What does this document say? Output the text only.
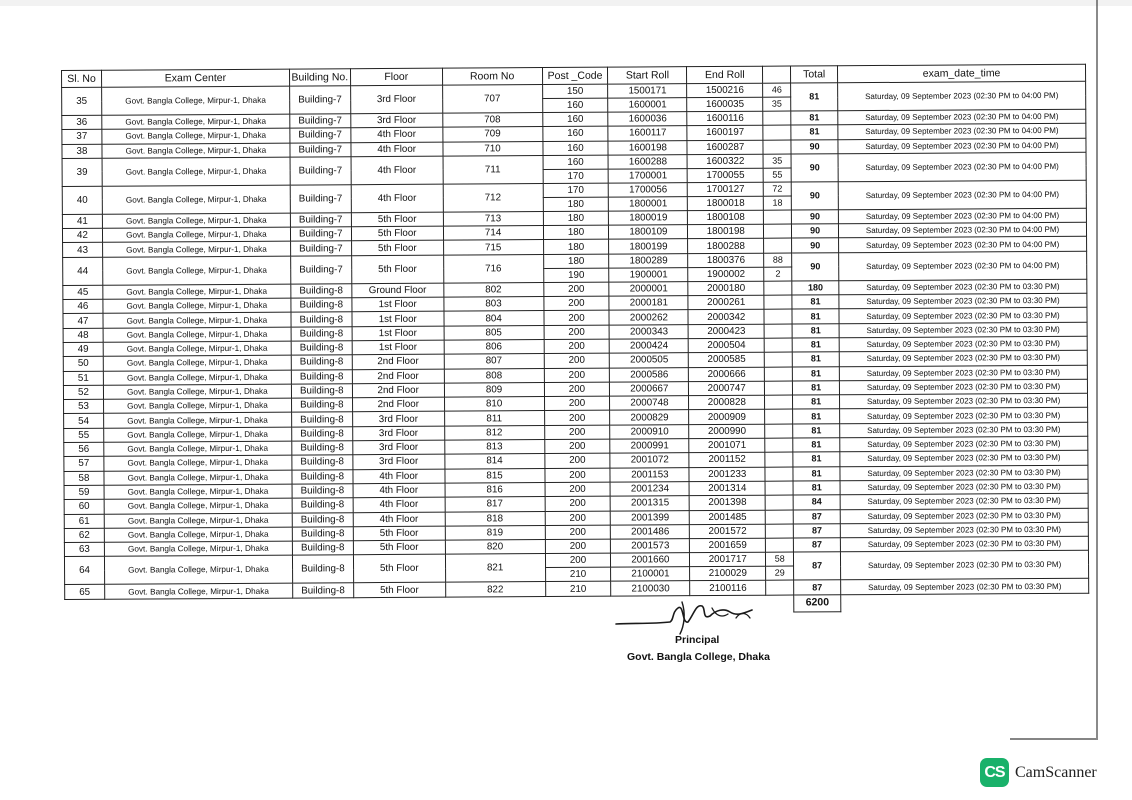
Sl. No	Exam Center	Building No.	Floor	Room No	Post _Code	Start Roll	End Roll		Total	exam_date_time
35	Govt. Bangla College, Mirpur-1, Dhaka	Building-7	3rd Floor	707	150	1500171	1500216	46	81	Saturday, 09 September 2023 (02:30 PM to 04:00 PM)
					160	1600001	1600035	35		
36	Govt. Bangla College, Mirpur-1, Dhaka	Building-7	3rd Floor	708	160	1600036	1600116		81	Saturday, 09 September 2023 (02:30 PM to 04:00 PM)
37	Govt. Bangla College, Mirpur-1, Dhaka	Building-7	4th Floor	709	160	1600117	1600197		81	Saturday, 09 September 2023 (02:30 PM to 04:00 PM)
38	Govt. Bangla College, Mirpur-1, Dhaka	Building-7	4th Floor	710	160	1600198	1600287		90	Saturday, 09 September 2023 (02:30 PM to 04:00 PM)
39	Govt. Bangla College, Mirpur-1, Dhaka	Building-7	4th Floor	711	160	1600288	1600322	35	90	Saturday, 09 September 2023 (02:30 PM to 04:00 PM)
					170	1700001	1700055	55		
40	Govt. Bangla College, Mirpur-1, Dhaka	Building-7	4th Floor	712	170	1700056	1700127	72	90	Saturday, 09 September 2023 (02:30 PM to 04:00 PM)
					180	1800001	1800018	18		
41	Govt. Bangla College, Mirpur-1, Dhaka	Building-7	5th Floor	713	180	1800019	1800108		90	Saturday, 09 September 2023 (02:30 PM to 04:00 PM)
42	Govt. Bangla College, Mirpur-1, Dhaka	Building-7	5th Floor	714	180	1800109	1800198		90	Saturday, 09 September 2023 (02:30 PM to 04:00 PM)
43	Govt. Bangla College, Mirpur-1, Dhaka	Building-7	5th Floor	715	180	1800199	1800288		90	Saturday, 09 September 2023 (02:30 PM to 04:00 PM)
44	Govt. Bangla College, Mirpur-1, Dhaka	Building-7	5th Floor	716	180	1800289	1800376	88	90	Saturday, 09 September 2023 (02:30 PM to 04:00 PM)
					190	1900001	1900002	2		
45	Govt. Bangla College, Mirpur-1, Dhaka	Building-8	Ground Floor	802	200	2000001	2000180		180	Saturday, 09 September 2023 (02:30 PM to 03:30 PM)
46	Govt. Bangla College, Mirpur-1, Dhaka	Building-8	1st Floor	803	200	2000181	2000261		81	Saturday, 09 September 2023 (02:30 PM to 03:30 PM)
47	Govt. Bangla College, Mirpur-1, Dhaka	Building-8	1st Floor	804	200	2000262	2000342		81	Saturday, 09 September 2023 (02:30 PM to 03:30 PM)
48	Govt. Bangla College, Mirpur-1, Dhaka	Building-8	1st Floor	805	200	2000343	2000423		81	Saturday, 09 September 2023 (02:30 PM to 03:30 PM)
49	Govt. Bangla College, Mirpur-1, Dhaka	Building-8	1st Floor	806	200	2000424	2000504		81	Saturday, 09 September 2023 (02:30 PM to 03:30 PM)
50	Govt. Bangla College, Mirpur-1, Dhaka	Building-8	2nd Floor	807	200	2000505	2000585		81	Saturday, 09 September 2023 (02:30 PM to 03:30 PM)
51	Govt. Bangla College, Mirpur-1, Dhaka	Building-8	2nd Floor	808	200	2000586	2000666		81	Saturday, 09 September 2023 (02:30 PM to 03:30 PM)
52	Govt. Bangla College, Mirpur-1, Dhaka	Building-8	2nd Floor	809	200	2000667	2000747		81	Saturday, 09 September 2023 (02:30 PM to 03:30 PM)
53	Govt. Bangla College, Mirpur-1, Dhaka	Building-8	2nd Floor	810	200	2000748	2000828		81	Saturday, 09 September 2023 (02:30 PM to 03:30 PM)
54	Govt. Bangla College, Mirpur-1, Dhaka	Building-8	3rd Floor	811	200	2000829	2000909		81	Saturday, 09 September 2023 (02:30 PM to 03:30 PM)
55	Govt. Bangla College, Mirpur-1, Dhaka	Building-8	3rd Floor	812	200	2000910	2000990		81	Saturday, 09 September 2023 (02:30 PM to 03:30 PM)
56	Govt. Bangla College, Mirpur-1, Dhaka	Building-8	3rd Floor	813	200	2000991	2001071		81	Saturday, 09 September 2023 (02:30 PM to 03:30 PM)
57	Govt. Bangla College, Mirpur-1, Dhaka	Building-8	3rd Floor	814	200	2001072	2001152		81	Saturday, 09 September 2023 (02:30 PM to 03:30 PM)
58	Govt. Bangla College, Mirpur-1, Dhaka	Building-8	4th Floor	815	200	2001153	2001233		81	Saturday, 09 September 2023 (02:30 PM to 03:30 PM)
59	Govt. Bangla College, Mirpur-1, Dhaka	Building-8	4th Floor	816	200	2001234	2001314		81	Saturday, 09 September 2023 (02:30 PM to 03:30 PM)
60	Govt. Bangla College, Mirpur-1, Dhaka	Building-8	4th Floor	817	200	2001315	2001398		84	Saturday, 09 September 2023 (02:30 PM to 03:30 PM)
61	Govt. Bangla College, Mirpur-1, Dhaka	Building-8	4th Floor	818	200	2001399	2001485		87	Saturday, 09 September 2023 (02:30 PM to 03:30 PM)
62	Govt. Bangla College, Mirpur-1, Dhaka	Building-8	5th Floor	819	200	2001486	2001572		87	Saturday, 09 September 2023 (02:30 PM to 03:30 PM)
63	Govt. Bangla College, Mirpur-1, Dhaka	Building-8	5th Floor	820	200	2001573	2001659		87	Saturday, 09 September 2023 (02:30 PM to 03:30 PM)
64	Govt. Bangla College, Mirpur-1, Dhaka	Building-8	5th Floor	821	200	2001660	2001717	58	87	Saturday, 09 September 2023 (02:30 PM to 03:30 PM)
					210	2100001	2100029	29		
65	Govt. Bangla College, Mirpur-1, Dhaka	Building-8	5th Floor	822	210	2100030	2100116		87	Saturday, 09 September 2023 (02:30 PM to 03:30 PM)
									6200	
Principal
Govt. Bangla College, Dhaka
CS CamScanner
